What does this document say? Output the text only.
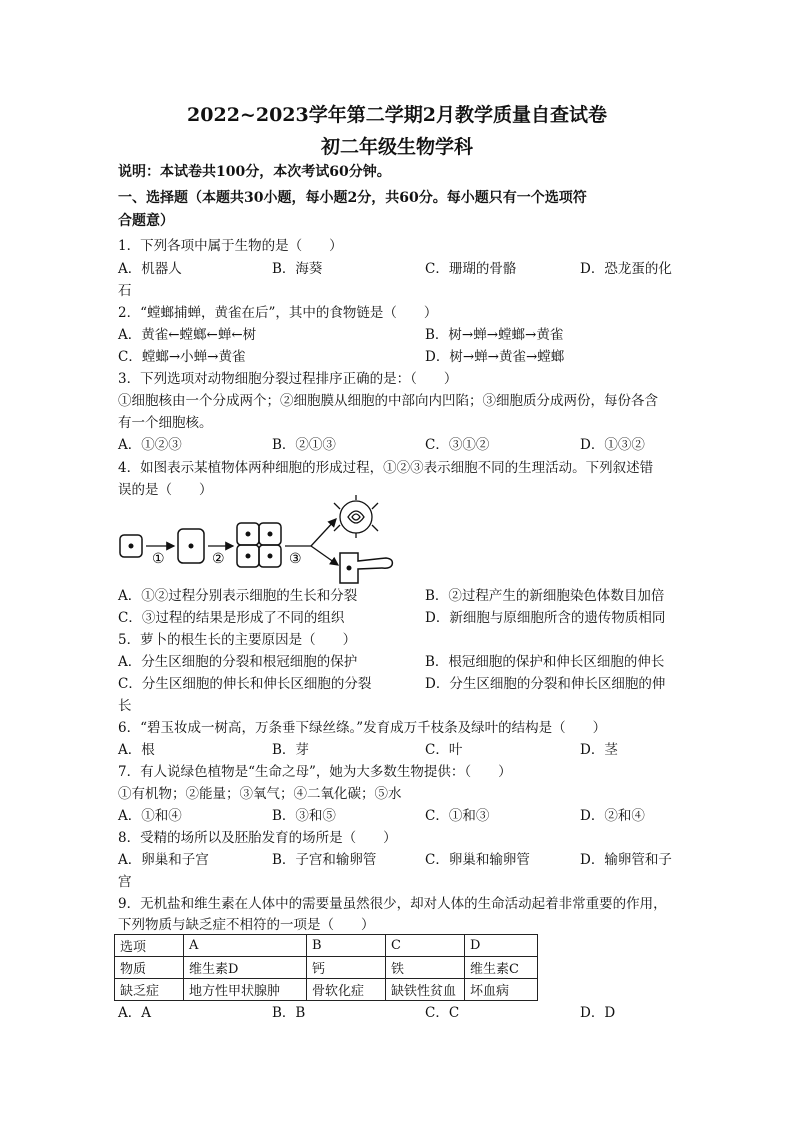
2022~2023学年第二学期2月教学质量自查试卷
初二年级生物学科
说明：本试卷共100分，本次考试60分钟。
一、选择题（本题共30小题，每小题2分，共60分。每小题只有一个选项符
合题意）
1．下列各项中属于生物的是（　　）
A．机器人	B．海葵	C．珊瑚的骨骼	D．恐龙蛋的化
石
2．“螳螂捕蝉，黄雀在后”，其中的食物链是（　　）
A．黄雀←螳螂←蝉←树	B．树→蝉→螳螂→黄雀
C．螳螂→小蝉→黄雀	D．树→蝉→黄雀→螳螂
3．下列选项对动物细胞分裂过程排序正确的是：（　　）
①细胞核由一个分成两个；②细胞膜从细胞的中部向内凹陷；③细胞质分成两份，每份各含
有一个细胞核。
A．①②③	B．②①③	C．③①②	D．①③②
4．如图表示某植物体两种细胞的形成过程，①②③表示细胞不同的生理活动。下列叙述错
误的是（　　）
①	②	③
A．①②过程分别表示细胞的生长和分裂	B．②过程产生的新细胞染色体数目加倍
C．③过程的结果是形成了不同的组织	D．新细胞与原细胞所含的遗传物质相同
5．萝卜的根生长的主要原因是（　　）
A．分生区细胞的分裂和根冠细胞的保护	B．根冠细胞的保护和伸长区细胞的伸长
C．分生区细胞的伸长和伸长区细胞的分裂	D．分生区细胞的分裂和伸长区细胞的伸
长
6．“碧玉妆成一树高，万条垂下绿丝绦。”发育成万千枝条及绿叶的结构是（　　）
A．根	B．芽	C．叶	D．茎
7．有人说绿色植物是“生命之母”，她为大多数生物提供：（　　）
①有机物；②能量；③氧气；④二氧化碳；⑤水
A．①和④	B．③和⑤	C．①和③	D．②和④
8．受精的场所以及胚胎发育的场所是（　　）
A．卵巢和子宫	B．子宫和输卵管	C．卵巢和输卵管	D．输卵管和子
宫
9．无机盐和维生素在人体中的需要量虽然很少，却对人体的生命活动起着非常重要的作用，
下列物质与缺乏症不相符的一项是（　　）
选项	A	B	C	D
物质	维生素D	钙	铁	维生素C
缺乏症	地方性甲状腺肿	骨软化症	缺铁性贫血	坏血病
A．A	B．B	C．C	D．D
